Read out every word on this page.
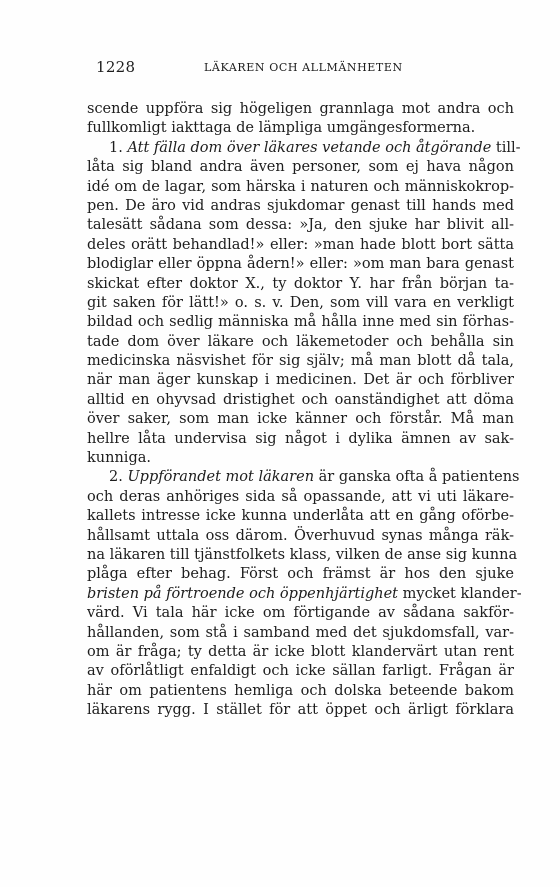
1228	LÄKAREN OCH ALLMÄNHETEN
scende uppföra sig högeligen grannlaga mot andra och
fullkomligt iakttaga de lämpliga umgängesformerna.
1. Att fälla dom över läkares vetande och åtgörande till-
låta sig bland andra även personer, som ej hava någon
idé om de lagar, som härska i naturen och människokrop-
pen. De äro vid andras sjukdomar genast till hands med
talesätt sådana som dessa: »Ja, den sjuke har blivit all-
deles orätt behandlad!» eller: »man hade blott bort sätta
blodiglar eller öppna ådern!» eller: »om man bara genast
skickat efter doktor X., ty doktor Y. har från början ta-
git saken för lätt!» o. s. v. Den, som vill vara en verkligt
bildad och sedlig människa må hålla inne med sin förhas-
tade dom över läkare och läkemetoder och behålla sin
medicinska näsvishet för sig själv; må man blott då tala,
när man äger kunskap i medicinen. Det är och förbliver
alltid en ohyvsad dristighet och oanständighet att döma
över saker, som man icke känner och förstår. Må man
hellre låta undervisa sig något i dylika ämnen av sak-
kunniga.
2. Uppförandet mot läkaren är ganska ofta å patientens
och deras anhöriges sida så opassande, att vi uti läkare-
kallets intresse icke kunna underlåta att en gång oförbe-
hållsamt uttala oss därom. Överhuvud synas många räk-
na läkaren till tjänstfolkets klass, vilken de anse sig kunna
plåga efter behag. Först och främst är hos den sjuke
bristen på förtroende och öppenhjärtighet mycket klander-
värd. Vi tala här icke om förtigande av sådana sakför-
hållanden, som stå i samband med det sjukdomsfall, var-
om är fråga; ty detta är icke blott klandervärt utan rent
av oförlåtligt enfaldigt och icke sällan farligt. Frågan är
här om patientens hemliga och dolska beteende bakom
läkarens rygg. I stället för att öppet och ärligt förklara
